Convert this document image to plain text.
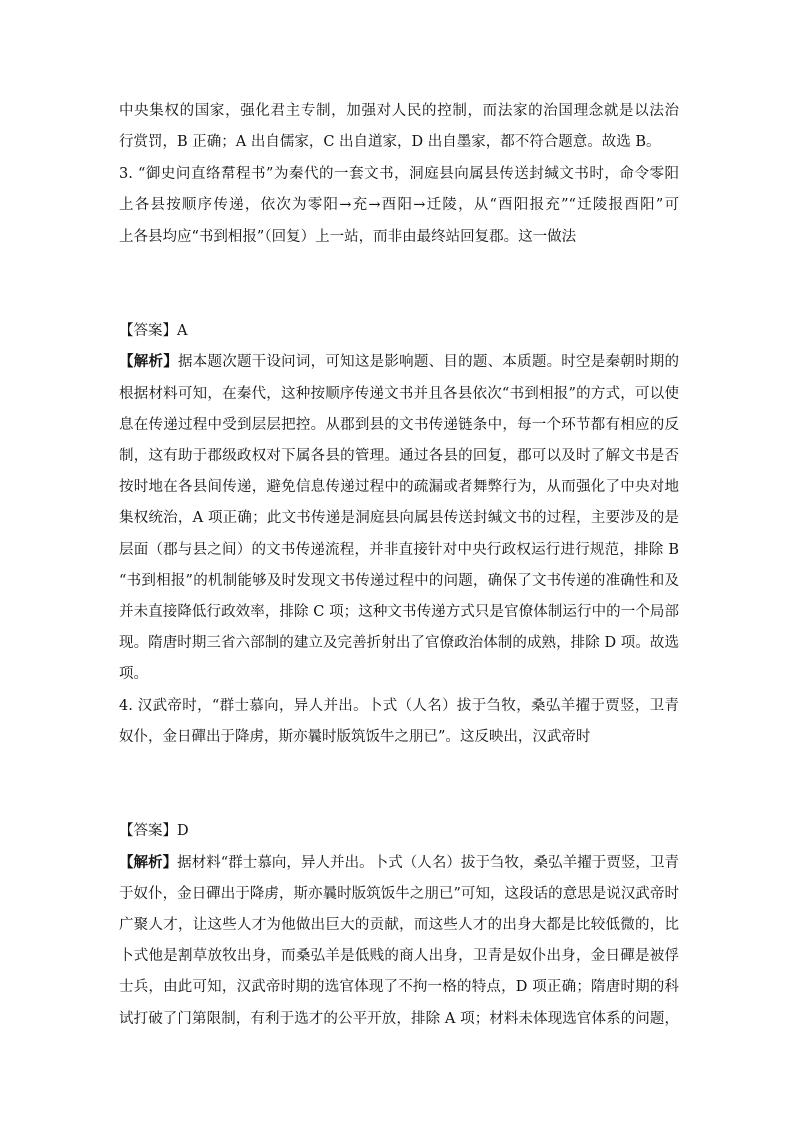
中央集权的国家，强化君主专制，加强对人民的控制，而法家的治国理念就是以法治
行赏罚，B 正确；A 出自儒家，C 出自道家，D 出自墨家，都不符合题意。故选 B。
3. “御史问直络帬程书”为秦代的一套文书，洞庭县向属县传送封缄文书时，命令零阳
上各县按顺序传递，依次为零阳→充→酉阳→迁陵，从“酉阳报充”“迁陵报酉阳”可
上各县均应“书到相报”（回复）上一站，而非由最终站回复郡。这一做法
【答案】A
【解析】据本题次题干设问词，可知这是影响题、目的题、本质题。时空是秦朝时期的
根据材料可知，在秦代，这种按顺序传递文书并且各县依次“书到相报”的方式，可以使
息在传递过程中受到层层把控。从郡到县的文书传递链条中，每一个环节都有相应的反
制，这有助于郡级政权对下属各县的管理。通过各县的回复，郡可以及时了解文书是否
按时地在各县间传递，避免信息传递过程中的疏漏或者舞弊行为，从而强化了中央对地
集权统治，A 项正确；此文书传递是洞庭县向属县传送封缄文书的过程，主要涉及的是
层面（郡与县之间）的文书传递流程，并非直接针对中央行政权运行进行规范，排除 B
“书到相报”的机制能够及时发现文书传递过程中的问题，确保了文书传递的准确性和及
并未直接降低行政效率，排除 C 项；这种文书传递方式只是官僚体制运行中的一个局部
现。隋唐时期三省六部制的建立及完善折射出了官僚政治体制的成熟，排除 D 项。故选
项。
4. 汉武帝时，“群士慕向，异人并出。卜式（人名）拔于刍牧，桑弘羊擢于贾竖，卫青
奴仆，金日磾出于降虏，斯亦曩时版筑饭牛之朋已”。这反映出，汉武帝时
【答案】D
【解析】据材料“群士慕向，异人并出。卜式（人名）拔于刍牧，桑弘羊擢于贾竖，卫青
于奴仆，金日磾出于降虏，斯亦曩时版筑饭牛之朋已”可知，这段话的意思是说汉武帝时
广聚人才，让这些人才为他做出巨大的贡献，而这些人才的出身大都是比较低微的，比
卜式他是割草放牧出身，而桑弘羊是低贱的商人出身，卫青是奴仆出身，金日磾是被俘
士兵，由此可知，汉武帝时期的选官体现了不拘一格的特点，D 项正确；隋唐时期的科
试打破了门第限制，有利于选才的公平开放，排除 A 项；材料未体现选官体系的问题，
